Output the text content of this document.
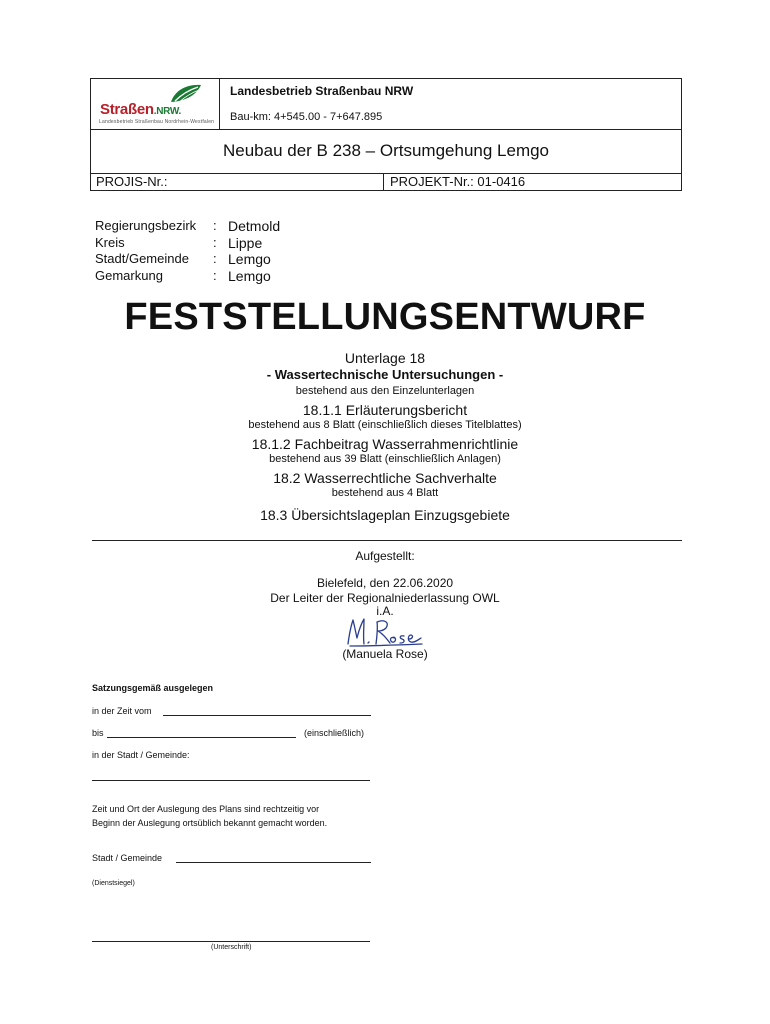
Straßen.NRW.
Landesbetrieb Straßenbau Nordrhein-Westfalen
Landesbetrieb Straßenbau NRW
Bau-km: 4+545.00 - 7+647.895
Neubau der B 238 – Ortsumgehung Lemgo
PROJIS-Nr.:	PROJEKT-Nr.: 01-0416
Regierungsbezirk	: Detmold
Kreis	: Lippe
Stadt/Gemeinde	: Lemgo
Gemarkung	: Lemgo
FESTSTELLUNGSENTWURF
Unterlage 18
- Wassertechnische Untersuchungen -
bestehend aus den Einzelunterlagen
18.1.1 Erläuterungsbericht
bestehend aus 8 Blatt (einschließlich dieses Titelblattes)
18.1.2 Fachbeitrag Wasserrahmenrichtlinie
bestehend aus 39 Blatt (einschließlich Anlagen)
18.2 Wasserrechtliche Sachverhalte
bestehend aus 4 Blatt
18.3 Übersichtslageplan Einzugsgebiete
Aufgestellt:
Bielefeld, den 22.06.2020
Der Leiter der Regionalniederlassung OWL
i.A.
(Manuela Rose)
Satzungsgemäß ausgelegen
in der Zeit vom
bis	(einschließlich)
in der Stadt / Gemeinde:
Zeit und Ort der Auslegung des Plans sind rechtzeitig vor
Beginn der Auslegung ortsüblich bekannt gemacht worden.
Stadt / Gemeinde
(Dienstsiegel)
(Unterschrift)
